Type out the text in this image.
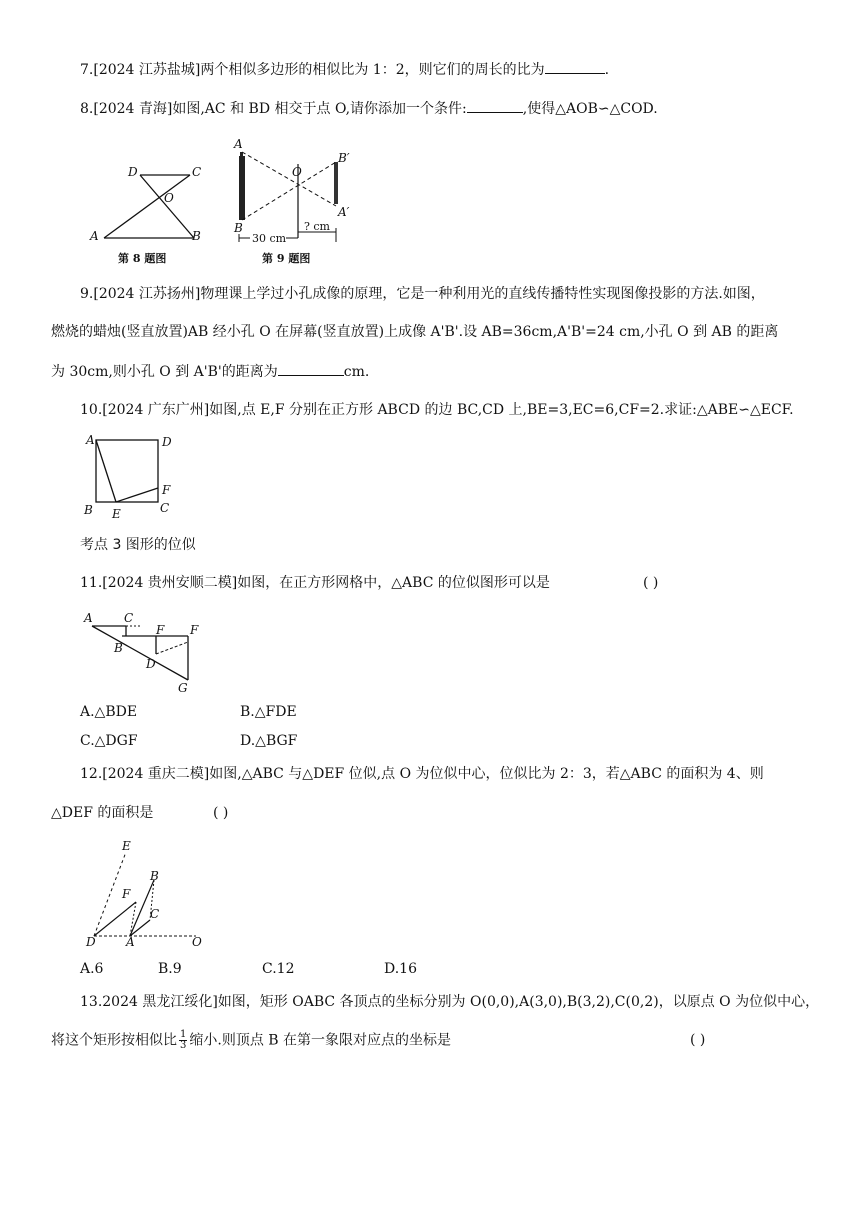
7.[2024 江苏盐城]两个相似多边形的相似比为 1：2，则它们的周长的比为	.
8.[2024 青海]如图,AC 和 BD 相交于点 O,请你添加一个条件:	,使得△AOB∽△COD.
D	C
O
A	B
第 8 题图
A
B
O
B′
A′
30 cm
? cm
第 9 题图
9.[2024 江苏扬州]物理课上学过小孔成像的原理，它是一种利用光的直线传播特性实现图像投影的方法.如图，
燃烧的蜡烛(竖直放置)AB 经小孔 O 在屏幕(竖直放置)上成像 A'B'.设 AB=36cm,A'B'=24 cm,小孔 O 到 AB 的距离
为 30cm,则小孔 O 到 A'B'的距离为	cm.
10.[2024 广东广州]如图,点 E,F 分别在正方形 ABCD 的边 BC,CD 上,BE=3,EC=6,CF=2.求证:△ABE∽△ECF.
A	D
F
C
B E
考点 3 图形的位似
11.[2024 贵州安顺二模]如图，在正方形网格中，△ABC 的位似图形可以是	( )
A	C
B
F F
D
G
A.△BDE	B.△FDE
C.△DGF	D.△BGF
12.[2024 重庆二模]如图,△ABC 与△DEF 位似,点 O 为位似中心，位似比为 2：3，若△ABC 的面积为 4、则
△DEF 的面积是	( )
E
F
B
C
D	A	O
A.6	B.9	C.12	D.16
13.2024 黑龙江绥化]如图，矩形 OABC 各顶点的坐标分别为 O(0,0),A(3,0),B(3,2),C(0,2)，以原点 O 为位似中心，
将这个矩形按相似比 $\frac{1}{3}$ 缩小.则顶点 B 在第一象限对应点的坐标是	( )
